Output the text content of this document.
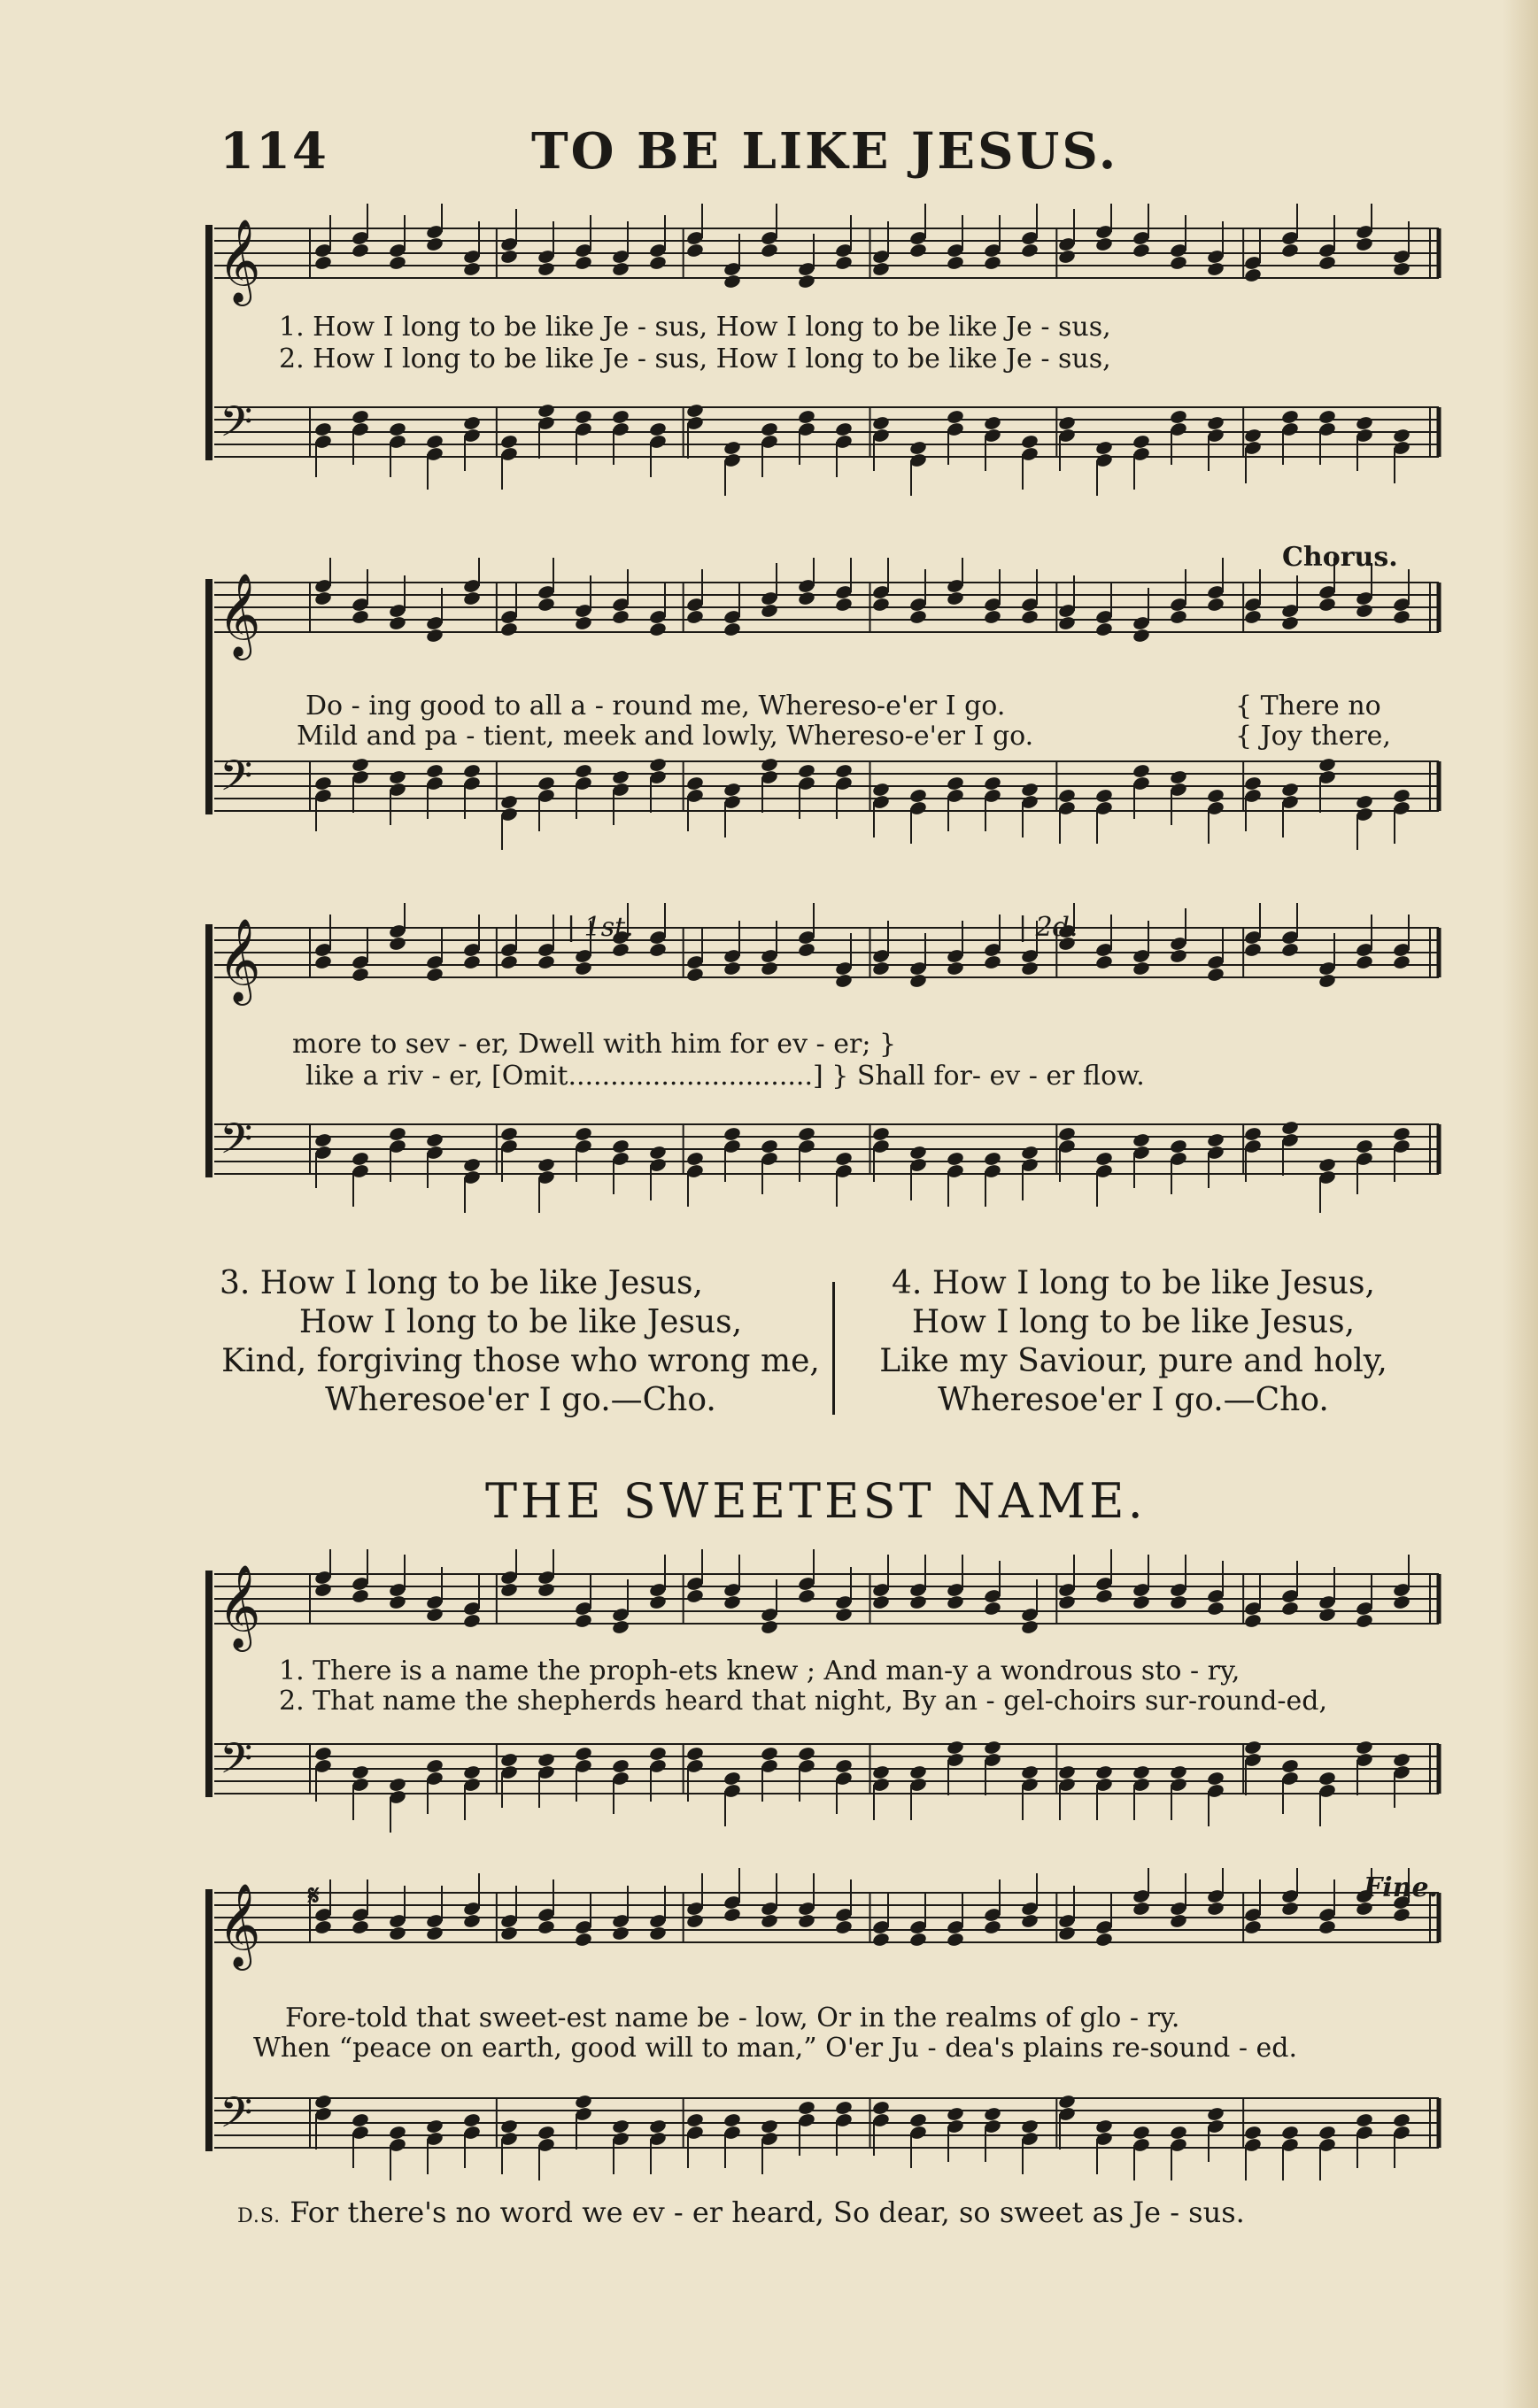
114	TO BE LIKE JESUS.
𝄞
𝄢
1. How I long to be like Je - sus, How I long to be like Je - sus,
2. How I long to be like Je - sus, How I long to be like Je - sus,
𝄞
𝄢
Chorus.
Do - ing good to all a - round me, Whereso-e'er I go.
Mild and pa - tient, meek and lowly, Whereso-e'er I go.
{ There no
{ Joy there,
𝄞
𝄢
| 1st.	| 2d.
more to sev - er, Dwell with him for ev - er; }
like a riv - er, [Omit.............................] } Shall for- ev - er flow.
3. How I long to be like Jesus,
How I long to be like Jesus,
Kind, forgiving those who wrong me,
Wheresoe'er I go.—Cho.
4. How I long to be like Jesus,
How I long to be like Jesus,
Like my Saviour, pure and holy,
Wheresoe'er I go.—Cho.
THE SWEETEST NAME.
𝄞
𝄢
1. There is a name the proph-ets knew ; And man-y a wondrous sto - ry,
2. That name the shepherds heard that night, By an - gel-choirs sur-round-ed,
𝄞
𝄢
𝄋	Fine.
Fore-told that sweet-est name be - low, Or in the realms of glo - ry.
When “peace on earth, good will to man,” O'er Ju - dea's plains re-sound - ed.
D.S. For there's no word we ev - er heard, So dear, so sweet as Je - sus.
